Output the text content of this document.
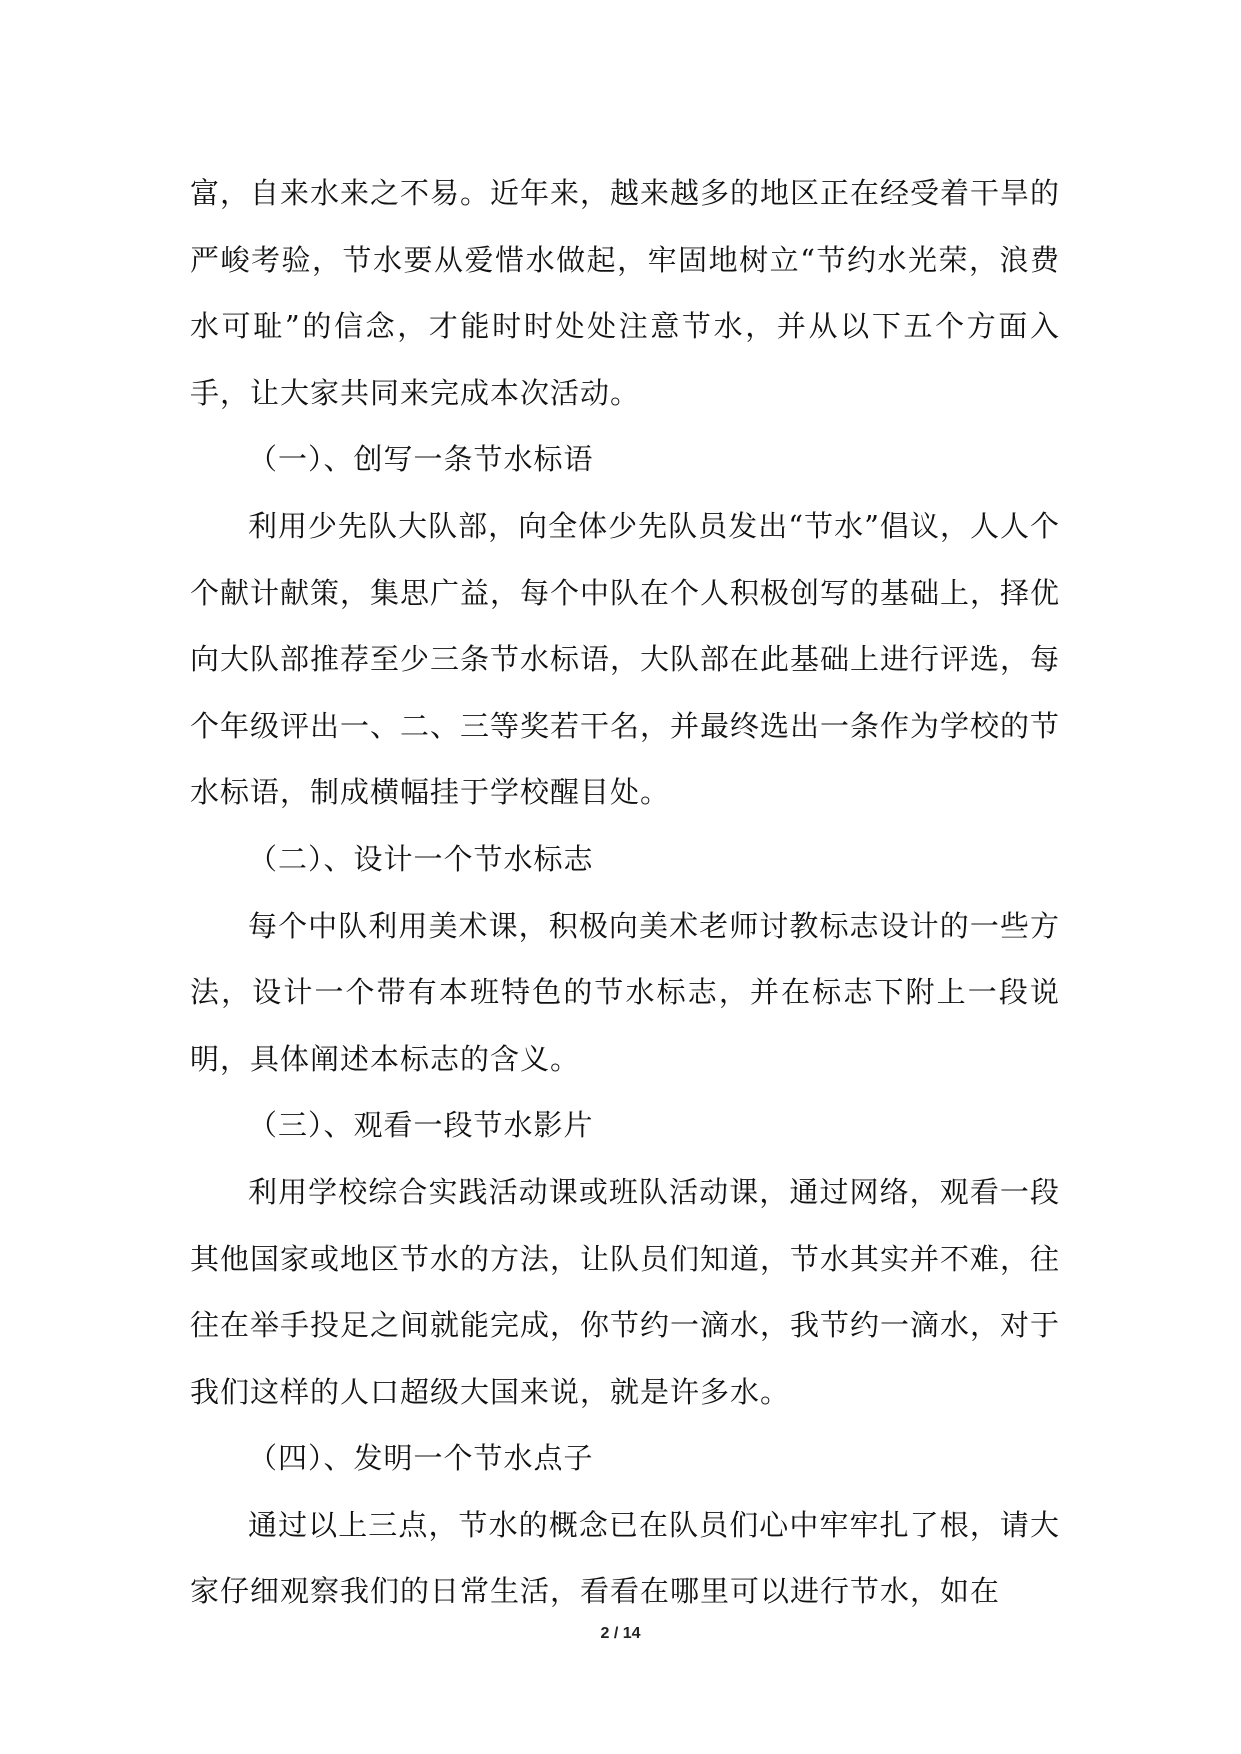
富，自来水来之不易。近年来，越来越多的地区正在经受着干旱的严峻考验，节水要从爱惜水做起，牢固地树立“节约水光荣，浪费水可耻”的信念，才能时时处处注意节水，并从以下五个方面入手，让大家共同来完成本次活动。

（一）、创写一条节水标语

利用少先队大队部，向全体少先队员发出“节水”倡议，人人个个献计献策，集思广益，每个中队在个人积极创写的基础上，择优向大队部推荐至少三条节水标语，大队部在此基础上进行评选，每个年级评出一、二、三等奖若干名，并最终选出一条作为学校的节水标语，制成横幅挂于学校醒目处。

（二）、设计一个节水标志

每个中队利用美术课，积极向美术老师讨教标志设计的一些方法，设计一个带有本班特色的节水标志，并在标志下附上一段说明，具体阐述本标志的含义。

（三）、观看一段节水影片

利用学校综合实践活动课或班队活动课，通过网络，观看一段其他国家或地区节水的方法，让队员们知道，节水其实并不难，往往在举手投足之间就能完成，你节约一滴水，我节约一滴水，对于我们这样的人口超级大国来说，就是许多水。

（四）、发明一个节水点子

通过以上三点，节水的概念已在队员们心中牢牢扎了根，请大家仔细观察我们的日常生活，看看在哪里可以进行节水，如在

2 / 14
